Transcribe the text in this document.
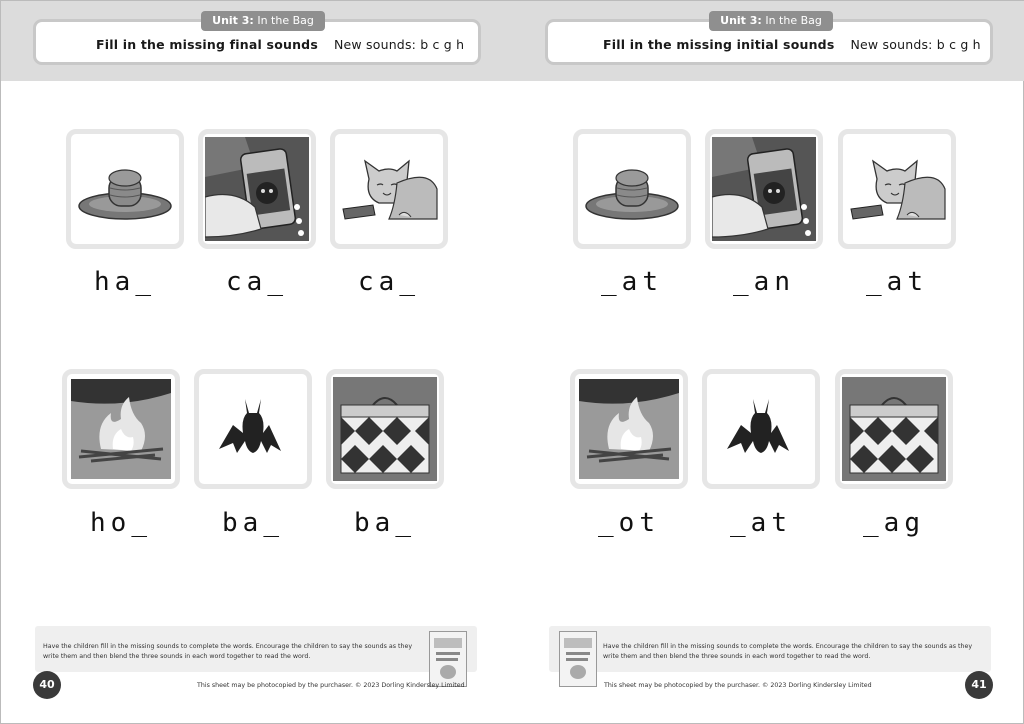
Unit 3: In the Bag
Fill in the missing final sounds New sounds: b c g h
ha_	ca_	ca_
ho_	ba_	ba_
Have the children fill in the missing sounds to complete the words. Encourage the children to say the sounds as they write them and then blend the three sounds in each word together to read the word.
40	This sheet may be photocopied by the purchaser. © 2023 Dorling Kindersley Limited
Unit 3: In the Bag
Fill in the missing initial sounds New sounds: b c g h
_at	_an	_at
_ot	_at	_ag
Have the children fill in the missing sounds to complete the words. Encourage the children to say the sounds as they write them and then blend the three sounds in each word together to read the word.
41
This sheet may be photocopied by the purchaser. © 2023 Dorling Kindersley Limited
